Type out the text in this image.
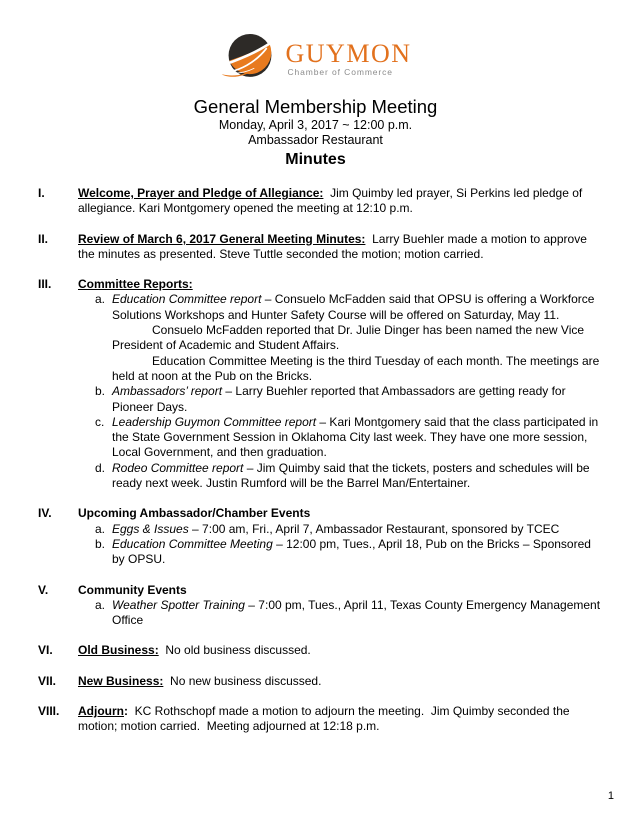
GUYMON
Chamber of Commerce
General Membership Meeting
Monday, April 3, 2017 ~ 12:00 p.m.
Ambassador Restaurant
Minutes
I.	Welcome, Prayer and Pledge of Allegiance:  Jim Quimby led prayer, Si Perkins led pledge of allegiance. Kari Montgomery opened the meeting at 12:10 p.m.

II.	Review of March 6, 2017 General Meeting Minutes:  Larry Buehler made a motion to approve the minutes as presented. Steve Tuttle seconded the motion; motion carried.

III.	Committee Reports:

a. Education Committee report – Consuelo McFadden said that OPSU is offering a Workforce Solutions Workshops and Hunter Safety Course will be offered on Saturday, May 11.

Consuelo McFadden reported that Dr. Julie Dinger has been named the new Vice President of Academic and Student Affairs.

Education Committee Meeting is the third Tuesday of each month. The meetings are held at noon at the Pub on the Bricks.

b. Ambassadors’ report – Larry Buehler reported that Ambassadors are getting ready for Pioneer Days.

c. Leadership Guymon Committee report – Kari Montgomery said that the class participated in the State Government Session in Oklahoma City last week. They have one more session, Local Government, and then graduation.

d. Rodeo Committee report – Jim Quimby said that the tickets, posters and schedules will be ready next week. Justin Rumford will be the Barrel Man/Entertainer.

IV.	Upcoming Ambassador/Chamber Events

a. Eggs & Issues – 7:00 am, Fri., April 7, Ambassador Restaurant, sponsored by TCEC

b. Education Committee Meeting – 12:00 pm, Tues., April 18, Pub on the Bricks – Sponsored by OPSU.

V.	Community Events

a. Weather Spotter Training – 7:00 pm, Tues., April 11, Texas County Emergency Management Office

VI.	Old Business:  No old business discussed.

VII.	New Business:  No new business discussed.

VIII.	Adjourn:  KC Rothschopf made a motion to adjourn the meeting.  Jim Quimby seconded the motion; motion carried.  Meeting adjourned at 12:18 p.m.

1
